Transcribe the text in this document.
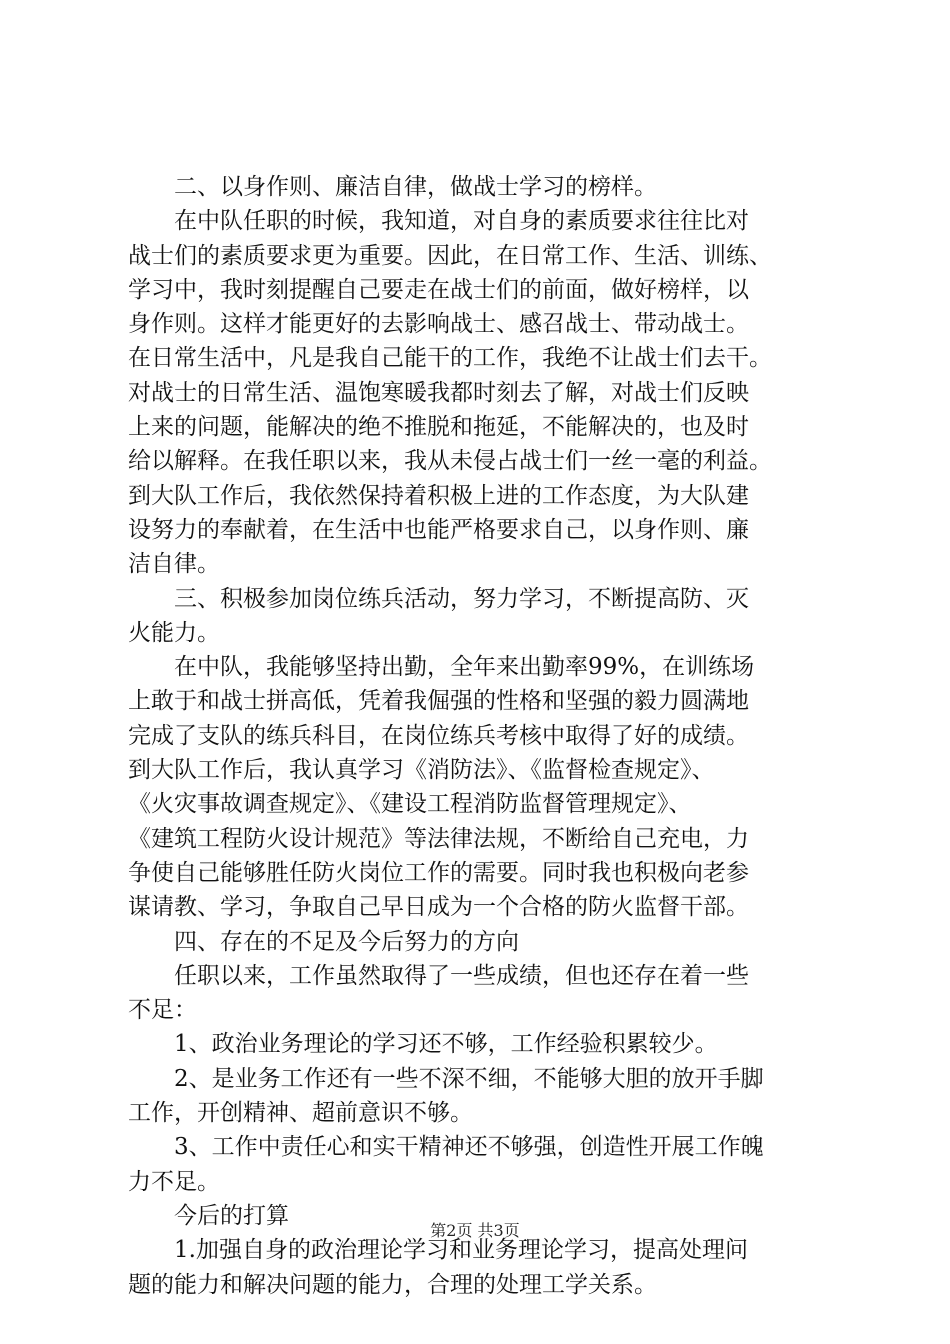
　　二、以身作则、廉洁自律，做战士学习的榜样。
　　在中队任职的时候，我知道，对自身的素质要求往往比对
战士们的素质要求更为重要。因此，在日常工作、生活、训练、
学习中，我时刻提醒自己要走在战士们的前面，做好榜样，以
身作则。这样才能更好的去影响战士、感召战士、带动战士。
在日常生活中，凡是我自己能干的工作，我绝不让战士们去干。
对战士的日常生活、温饱寒暖我都时刻去了解，对战士们反映
上来的问题，能解决的绝不推脱和拖延，不能解决的，也及时
给以解释。在我任职以来，我从未侵占战士们一丝一毫的利益。
到大队工作后，我依然保持着积极上进的工作态度，为大队建
设努力的奉献着，在生活中也能严格要求自己，以身作则、廉
洁自律。
　　三、积极参加岗位练兵活动，努力学习，不断提高防、灭
火能力。
　　在中队，我能够坚持出勤，全年来出勤率99%，在训练场
上敢于和战士拼高低，凭着我倔强的性格和坚强的毅力圆满地
完成了支队的练兵科目，在岗位练兵考核中取得了好的成绩。
到大队工作后，我认真学习《消防法》、《监督检查规定》、
《火灾事故调查规定》、《建设工程消防监督管理规定》、
《建筑工程防火设计规范》等法律法规，不断给自己充电，力
争使自己能够胜任防火岗位工作的需要。同时我也积极向老参
谋请教、学习，争取自己早日成为一个合格的防火监督干部。
　　四、存在的不足及今后努力的方向
　　任职以来，工作虽然取得了一些成绩，但也还存在着一些
不足：
　　1、政治业务理论的学习还不够，工作经验积累较少。
　　2、是业务工作还有一些不深不细，不能够大胆的放开手脚
工作，开创精神、超前意识不够。
　　3、工作中责任心和实干精神还不够强，创造性开展工作魄
力不足。
　　今后的打算
　　1.加强自身的政治理论学习和业务理论学习，提高处理问
题的能力和解决问题的能力，合理的处理工学关系。
第2页 共3页
